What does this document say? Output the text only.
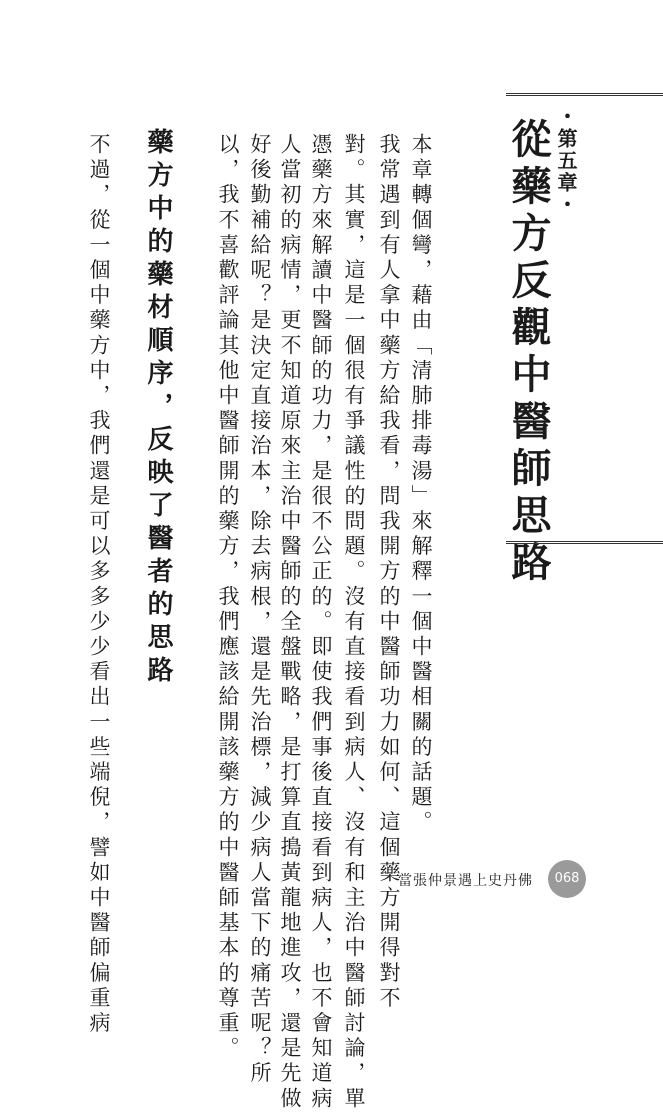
・第五章・
從藥方反觀中醫師思路
本章轉個彎，藉由「清肺排毒湯」來解釋一個中醫相關的話題。
我常遇到有人拿中藥方給我看，問我開方的中醫師功力如何、這個藥方開得對不
對。其實，這是一個很有爭議性的問題。沒有直接看到病人、沒有和主治中醫師討論，單
憑藥方來解讀中醫師的功力，是很不公正的。即使我們事後直接看到病人，也不會知道病
人當初的病情，更不知道原來主治中醫師的全盤戰略，是打算直搗黃龍地進攻，還是先做
好後勤補給呢？是決定直接治本，除去病根，還是先治標，減少病人當下的痛苦呢？所
以，我不喜歡評論其他中醫師開的藥方，我們應該給開該藥方的中醫師基本的尊重。
藥方中的藥材順序，反映了醫者的思路
不過，從一個中藥方中，我們還是可以多多少少看出一些端倪，譬如中醫師偏重病	當張仲景遇上史丹佛	068
